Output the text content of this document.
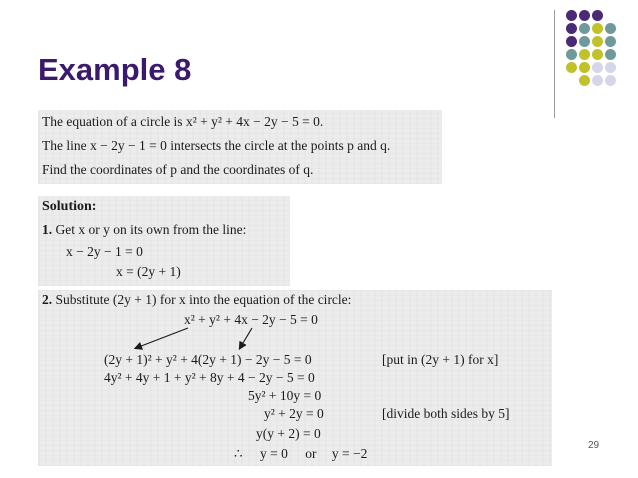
Example 8
The equation of a circle is x² + y² + 4x − 2y − 5 = 0.
The line x − 2y − 1 = 0 intersects the circle at the points p and q.
Find the coordinates of p and the coordinates of q.
Solution:
1. Get x or y on its own from the line:
x − 2y − 1 = 0
x = (2y + 1)
2. Substitute (2y + 1) for x into the equation of the circle:
x² + y² + 4x − 2y − 5 = 0
(2y + 1)² + y² + 4(2y + 1) − 2y − 5 = 0	[put in (2y + 1) for x]
4y² + 4y + 1 + y² + 8y + 4 − 2y − 5 = 0
5y² + 10y = 0
y² + 2y = 0	[divide both sides by 5]
y(y + 2) = 0
∴ y = 0 or y = −2
29
